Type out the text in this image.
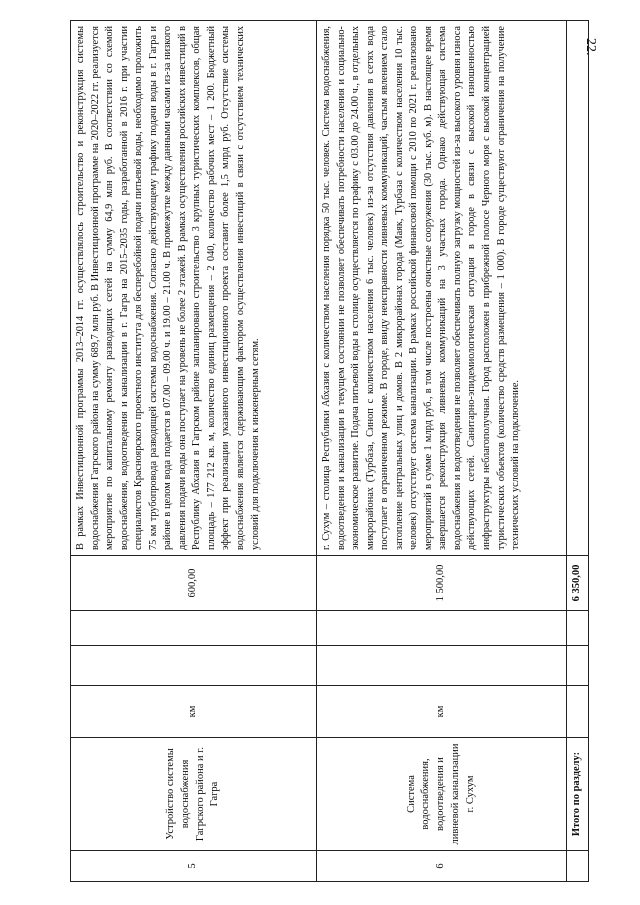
22.
5	Устройство системы водоснабжения Гагрского района и г. Гагра	км			600,00	В рамках Инвестиционной программы 2013–2014 гг. осуществлялось строительство и реконструкция системы водоснабжения Гагрского района на сумму 689,7 млн руб. В Инвестиционной программе на 2020–2022 гг. реализуется мероприятие по капитальному ремонту разводящих сетей на сумму 64,9 млн руб. В соответствии со схемой водоснабжения, водоотведения и канализации в г. Гагра на 2015–2035 годы, разработанной в 2016 г. при участии специалистов Красноярского проектного института для бесперебойной подачи питьевой воды, необходимо проложить 75 км трубопровода разводящей системы водоснабжения. Согласно действующему графику подачи воды в г. Гагра и районе в целом вода подается в 07.00 – 09.00 ч. и 19.00 – 21.00 ч. В промежутке между данными часами из-за низкого давления подачи воды она поступает на уровень не более 2 этажей. В рамках осуществления российских инвестиций в Республику Абхазия в Гагрском районе запланировано строительство 3 крупных туристических комплексов, общая площадь – 177 212 кв. м, количество единиц размещения – 2 040, количество рабочих мест – 1 200. Бюджетный эффект при реализации указанного инвестиционного проекта составит более 1,5 млрд руб. Отсутствие системы водоснабжения является сдерживающим фактором осуществления инвестиций в связи с отсутствием технических условий для подключения к инженерным сетям.
6	Система водоснабжения, водоотведения и ливневой канализации г. Сухум	км			1 500,00	г. Сухум – столица Республики Абхазия с количеством населения порядка 50 тыс. человек. Система водоснабжения, водоотведения и канализации в текущем состоянии не позволяет обеспечивать потребности населения и социально-экономическое развитие. Подача питьевой воды в столице осуществляется по графику с 03.00 до 24.00 ч., в отдельных микрорайонах (Турбаза, Синоп с количеством населения 6 тыс. человек) из-за отсутствия давления в сетях вода поступает в ограниченном режиме. В городе, ввиду неисправности ливневых коммуникаций, частым явлением стало затопление центральных улиц и домов. В 2 микрорайонах города (Маяк, Турбаза с количеством населения 10 тыс. человек) отсутствует система канализации. В рамках российской финансовой помощи с 2010 по 2021 г. реализовано мероприятий в сумме 1 млрд руб., в том числе построены очистные сооружения (30 тыс. куб. м). В настоящее время завершается реконструкция ливневых коммуникаций на 3 участках города. Однако действующая система водоснабжения и водоотведения не позволяет обеспечивать полную загрузку мощностей из-за высокого уровня износа действующих сетей. Санитарно-эпидемиологическая ситуация в городе в связи с высокой изношенностью инфраструктуры неблагополучная. Город расположен в прибрежной полосе Черного моря с высокой концентрацией туристических объектов (количество средств размещения – 1 000). В городе существуют ограничения на получение технических условий на подключение.
	Итого по разделу:				6 350,00	
